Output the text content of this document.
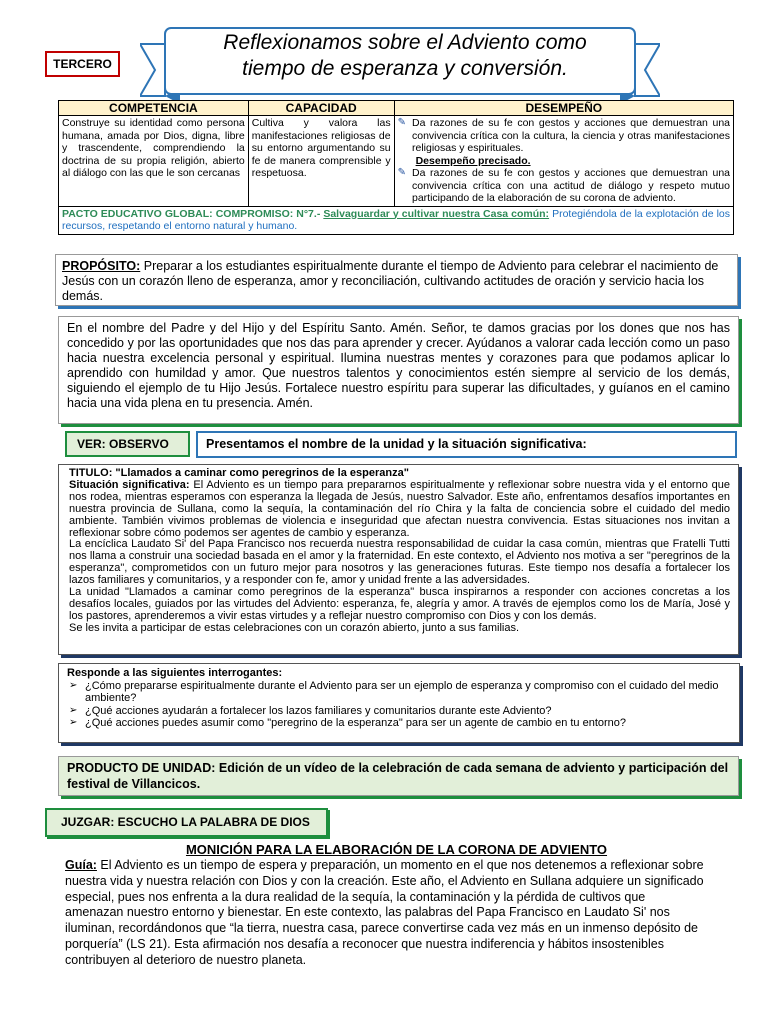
TERCERO
Reflexionamos sobre el Adviento como
tiempo de esperanza y conversión.
COMPETENCIA	CAPACIDAD	DESEMPEÑO
Construye su identidad como persona humana, amada por Dios, digna, libre y trascendente, comprendiendo la doctrina de su propia religión, abierto al diálogo con las que le son cercanas	Cultiva y valora las manifestaciones religiosas de su entorno argumentando su fe de manera comprensible y respetuosa.	✎ Da razones de su fe con gestos y acciones que demuestran una convivencia crítica con la cultura, la ciencia y otras manifestaciones religiosas y espirituales.
Desempeño precisado.
✎ Da razones de su fe con gestos y acciones que demuestran una convivencia crítica con una actitud de diálogo y respeto mutuo participando de la elaboración de su corona de adviento.

PACTO EDUCATIVO GLOBAL: COMPROMISO: N°7.- Salvaguardar y cultivar nuestra Casa común: Protegiéndola de la explotación de los recursos, respetando el entorno natural y humano.		
PROPÓSITO: Preparar a los estudiantes espiritualmente durante el tiempo de Adviento para celebrar el nacimiento de Jesús con un corazón lleno de esperanza, amor y reconciliación, cultivando actitudes de oración y servicio hacia los demás.
En el nombre del Padre y del Hijo y del Espíritu Santo. Amén. Señor, te damos gracias por los dones que nos has concedido y por las oportunidades que nos das para aprender y crecer. Ayúdanos a valorar cada lección como un paso hacia nuestra excelencia personal y espiritual. Ilumina nuestras mentes y corazones para que podamos aplicar lo aprendido con humildad y amor. Que nuestros talentos y conocimientos estén siempre al servicio de los demás, siguiendo el ejemplo de tu Hijo Jesús. Fortalece nuestro espíritu para superar las dificultades, y guíanos en el camino hacia una vida plena en tu presencia. Amén.
VER: OBSERVO	Presentamos el nombre de la unidad y la situación significativa:

TITULO: "Llamados a caminar como peregrinos de la esperanza"

Situación significativa: El Adviento es un tiempo para prepararnos espiritualmente y reflexionar sobre nuestra vida y el entorno que nos rodea, mientras esperamos con esperanza la llegada de Jesús, nuestro Salvador. Este año, enfrentamos desafíos importantes en nuestra provincia de Sullana, como la sequía, la contaminación del río Chira y la falta de conciencia sobre el cuidado del medio ambiente. También vivimos problemas de violencia e inseguridad que afectan nuestra convivencia. Estas situaciones nos invitan a reflexionar sobre cómo podemos ser agentes de cambio y esperanza.

La encíclica Laudato Si' del Papa Francisco nos recuerda nuestra responsabilidad de cuidar la casa común, mientras que Fratelli Tutti nos llama a construir una sociedad basada en el amor y la fraternidad. En este contexto, el Adviento nos motiva a ser "peregrinos de la esperanza", comprometidos con un futuro mejor para nosotros y las generaciones futuras. Este tiempo nos desafía a fortalecer los lazos familiares y comunitarios, y a responder con fe, amor y unidad frente a las adversidades.

La unidad "Llamados a caminar como peregrinos de la esperanza" busca inspirarnos a responder con acciones concretas a los desafíos locales, guiados por las virtudes del Adviento: esperanza, fe, alegría y amor. A través de ejemplos como los de María, José y los pastores, aprenderemos a vivir estas virtudes y a reflejar nuestro compromiso con Dios y con los demás.

Se les invita a participar de estas celebraciones con un corazón abierto, junto a sus familias.

Responde a las siguientes interrogantes:
➢ ¿Cómo prepararse espiritualmente durante el Adviento para ser un ejemplo de esperanza y compromiso con el cuidado del medio ambiente?
➢ ¿Qué acciones ayudarán a fortalecer los lazos familiares y comunitarios durante este Adviento?
➢ ¿Qué acciones puedes asumir como "peregrino de la esperanza" para ser un agente de cambio en tu entorno?
PRODUCTO DE UNIDAD: Edición de un vídeo de la celebración de cada semana de adviento y participación del festival de Villancicos.
JUZGAR: ESCUCHO LA PALABRA DE DIOS
MONICIÓN PARA LA ELABORACIÓN DE LA CORONA DE ADVIENTO
Guía: El Adviento es un tiempo de espera y preparación, un momento en el que nos detenemos a reflexionar sobre nuestra vida y nuestra relación con Dios y con la creación. Este año, el Adviento en Sullana adquiere un significado especial, pues nos enfrenta a la dura realidad de la sequía, la contaminación y la pérdida de cultivos que amenazan nuestro entorno y bienestar. En este contexto, las palabras del Papa Francisco en Laudato Si' nos iluminan, recordándonos que “la tierra, nuestra casa, parece convertirse cada vez más en un inmenso depósito de porquería” (LS 21). Esta afirmación nos desafía a reconocer que nuestra indiferencia y hábitos insostenibles contribuyen al deterioro de nuestro planeta.
